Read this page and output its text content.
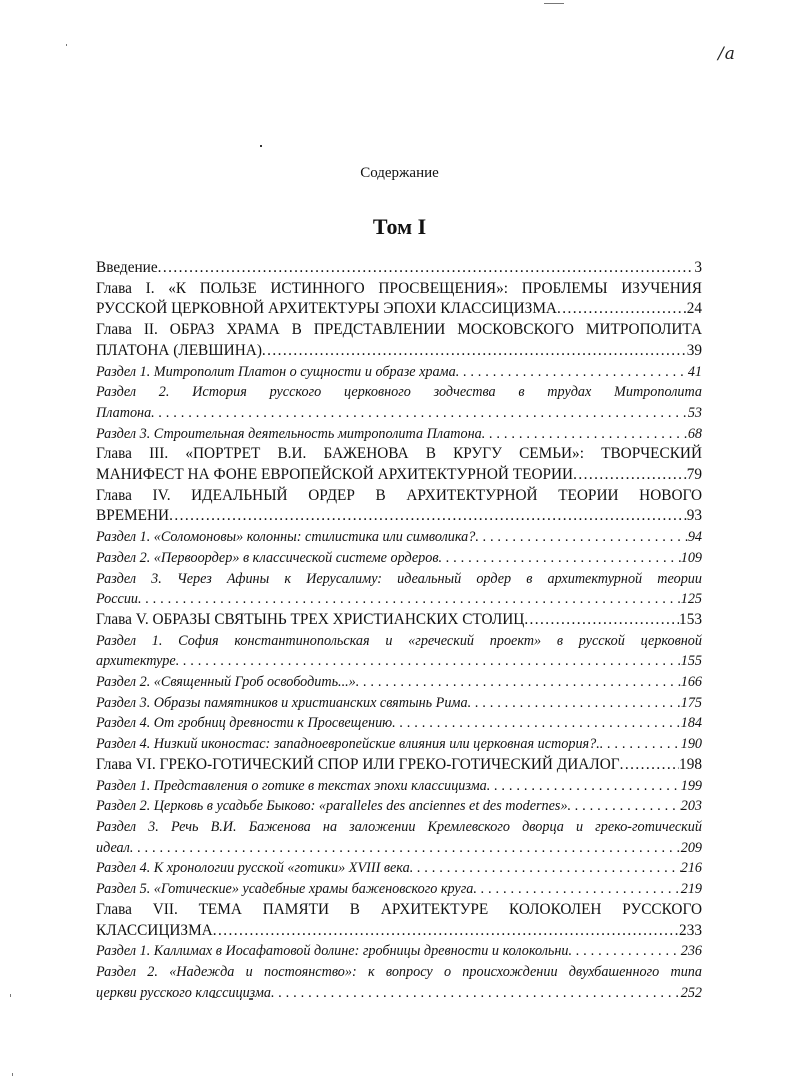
/a
Содержание
Том I
Введение . . .	3
Глава I. «К ПОЛЬЗЕ ИСТИННОГО ПРОСВЕЩЕНИЯ»: ПРОБЛЕМЫ ИЗУЧЕНИЯ
РУССКОЙ ЦЕРКОВНОЙ АРХИТЕКТУРЫ ЭПОХИ КЛАССИЦИЗМА . . .	24
Глава II. ОБРАЗ ХРАМА В ПРЕДСТАВЛЕНИИ МОСКОВСКОГО МИТРОПОЛИТА
ПЛАТОНА (ЛЕВШИНА) . . .	39
Раздел 1. Митрополит Платон о сущности и образе храма . . .	41
Раздел 2. История русского церковного зодчества в трудах Митрополита
Платона . . .	53
Раздел 3. Строительная деятельность митрополита Платона . . .	68
Глава III. «ПОРТРЕТ В.И. БАЖЕНОВА В КРУГУ СЕМЬИ»: ТВОРЧЕСКИЙ
МАНИФЕСТ НА ФОНЕ ЕВРОПЕЙСКОЙ АРХИТЕКТУРНОЙ ТЕОРИИ . . .	79
Глава IV. ИДЕАЛЬНЫЙ ОРДЕР В АРХИТЕКТУРНОЙ ТЕОРИИ НОВОГО
ВРЕМЕНИ . . .	93
Раздел 1. «Соломоновы» колонны: стилистика или символика? . . .	94
Раздел 2. «Первоордер» в классической системе ордеров . . .	109
Раздел 3. Через Афины к Иерусалиму: идеальный ордер в архитектурной теории
России . . .	125
Глава V. ОБРАЗЫ СВЯТЫНЬ ТРЕХ ХРИСТИАНСКИХ СТОЛИЦ . . .	153
Раздел 1. София константинопольская и «греческий проект» в русской церковной
архитектуре . . .	155
Раздел 2. «Священный Гроб освободить...» . . .	166
Раздел 3. Образы памятников и христианских святынь Рима . . .	175
Раздел 4. От гробниц древности к Просвещению . . .	184
Раздел 4. Низкий иконостас: западноевропейские влияния или церковная история?. . . .	190
Глава VI. ГРЕКО-ГОТИЧЕСКИЙ СПОР ИЛИ ГРЕКО-ГОТИЧЕСКИЙ ДИАЛОГ . . .	198
Раздел 1. Представления о готике в текстах эпохи классицизма . . .	199
Раздел 2. Церковь в усадьбе Быково: «paralleles des anciennes et des modernes» . . .	203
Раздел 3. Речь В.И. Баженова на заложении Кремлевского дворца и греко-готический
идеал . . .	209
Раздел 4. К хронологии русской «готики» XVIII века . . .	216
Раздел 5. «Готические» усадебные храмы баженовского круга . . .	219
Глава VII. ТЕМА ПАМЯТИ В АРХИТЕКТУРЕ КОЛОКОЛЕН РУССКОГО
КЛАССИЦИЗМА . . .	233
Раздел 1. Каллимах в Иосафатовой долине: гробницы древности и колокольни . . .	236
Раздел 2. «Надежда и постоянство»: к вопросу о происхождении двухбашенного типа
церкви русского классицизма . . .	252
